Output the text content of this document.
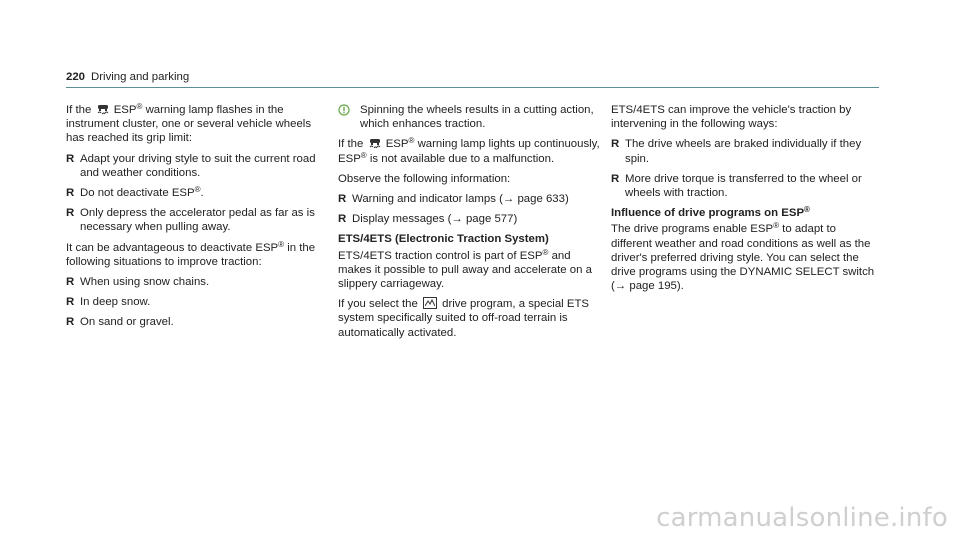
220 Driving and parking

If the ESP® warning lamp flashes in the instrument cluster, one or several vehicle wheels has reached its grip limit:

R Adapt your driving style to suit the current road and weather conditions.
R Do not deactivate ESP®.
R Only depress the accelerator pedal as far as is necessary when pulling away.

It can be advantageous to deactivate ESP® in the following situations to improve traction:

R When using snow chains.
R In deep snow.
R On sand or gravel.
Spinning the wheels results in a cutting action, which enhances traction.

If the ESP® warning lamp lights up continuously, ESP® is not available due to a malfunction.

Observe the following information:

R Warning and indicator lamps (→ page 633)
R Display messages (→ page 577)
ETS/4ETS (Electronic Traction System)

ETS/4ETS traction control is part of ESP® and makes it possible to pull away and accelerate on a slippery carriageway.

If you select the drive program, a special ETS system specifically suited to off-road terrain is automatically activated.

ETS/4ETS can improve the vehicle's traction by intervening in the following ways:

R The drive wheels are braked individually if they spin.
R More drive torque is transferred to the wheel or wheels with traction.
Influence of drive programs on ESP®

The drive programs enable ESP® to adapt to different weather and road conditions as well as the driver's preferred driving style. You can select the drive programs using the DYNAMIC SELECT switch (→ page 195).

carmanualsonline.info
